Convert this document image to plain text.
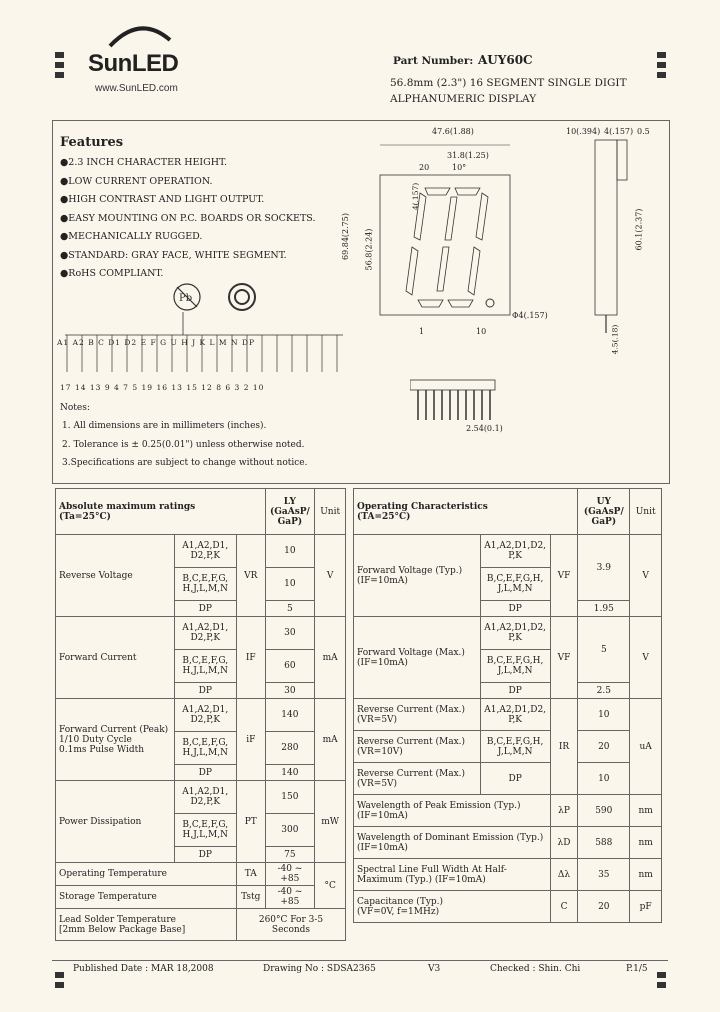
SunLED
www.SunLED.com
Part Number: AUY60C
56.8mm (2.3") 16 SEGMENT SINGLE DIGIT
ALPHANUMERIC DISPLAY
Features
●2.3 INCH CHARACTER HEIGHT.
●LOW CURRENT OPERATION.
●HIGH CONTRAST AND LIGHT OUTPUT.
●EASY MOUNTING ON P.C. BOARDS OR SOCKETS.
●MECHANICALLY RUGGED.
●STANDARD: GRAY FACE, WHITE SEGMENT.
●RoHS COMPLIANT.
Pb
A1 A2 B C D1 D2 E F G U H J K L M N DP
17 14 13 9 4 7 5 19 16 13 15 12 8 6 3 2 10
47.6(1.88)
31.8(1.25)
20	10°
4(.157)
69.84(2.75) 56.8(2.24)
10(.394) 4(.157) 0.5
60.1(2.37)
4.5(.18)
2.54(0.1)
Φ4(.157)
1	10
Notes:
1. All dimensions are in millimeters (inches).
2. Tolerance is ± 0.25(0.01") unless otherwise noted.
3.Specifications are subject to change without notice.
Absolute maximum ratings
(Ta=25°C)			LY
(GaAsP/
GaP)	Unit
Reverse Voltage	A1,A2,D1,
D2,P,K	VR	10	V
	B,C,E,F,G,
H,J,L,M,N		10	
	DP		5	
Forward Current	A1,A2,D1,
D2,P,K	IF	30	mA
	B,C,E,F,G,
H,J,L,M,N		60	
	DP		30	
Forward Current (Peak)
1/10 Duty Cycle
0.1ms Pulse Width	A1,A2,D1,
D2,P,K	iF	140	mA
	B,C,E,F,G,
H,J,L,M,N		280	
	DP		140	
Power Dissipation	A1,A2,D1,
D2,P,K	PT	150	mW
	B,C,E,F,G,
H,J,L,M,N		300	
	DP		75	
Operating Temperature		TA	-40 ~ +85	°C
Storage Temperature		Tstg	-40 ~ +85	
Lead Solder Temperature
[2mm Below Package Base]		260°C For 3-5 Seconds		
Operating Characteristics
(TA=25°C)			UY
(GaAsP/
GaP)	Unit
Forward Voltage (Typ.)
(IF=10mA)	A1,A2,D1,D2,
P,K	VF	3.9	V
	B,C,E,F,G,H,
J,L,M,N			
	DP		1.95	
Forward Voltage (Max.)
(IF=10mA)	A1,A2,D1,D2,
P,K	VF	5	V
	B,C,E,F,G,H,
J,L,M,N			
	DP		2.5	
Reverse Current (Max.)
(VR=5V)	A1,A2,D1,D2,
P,K	IR	10	uA
Reverse Current (Max.)
(VR=10V)	B,C,E,F,G,H,
J,L,M,N		20	
Reverse Current (Max.)
(VR=5V)	DP		10	
Wavelength of Peak Emission (Typ.)
(IF=10mA)		λP	590	nm
Wavelength of Dominant Emission (Typ.)
(IF=10mA)		λD	588	nm
Spectral Line Full Width At Half-
Maximum (Typ.) (IF=10mA)		Δλ	35	nm
Capacitance (Typ.)
(VF=0V, f=1MHz)		C	20	pF
Published Date : MAR 18,2008	Drawing No : SDSA2365	V3	Checked : Shin. Chi	P.1/5
